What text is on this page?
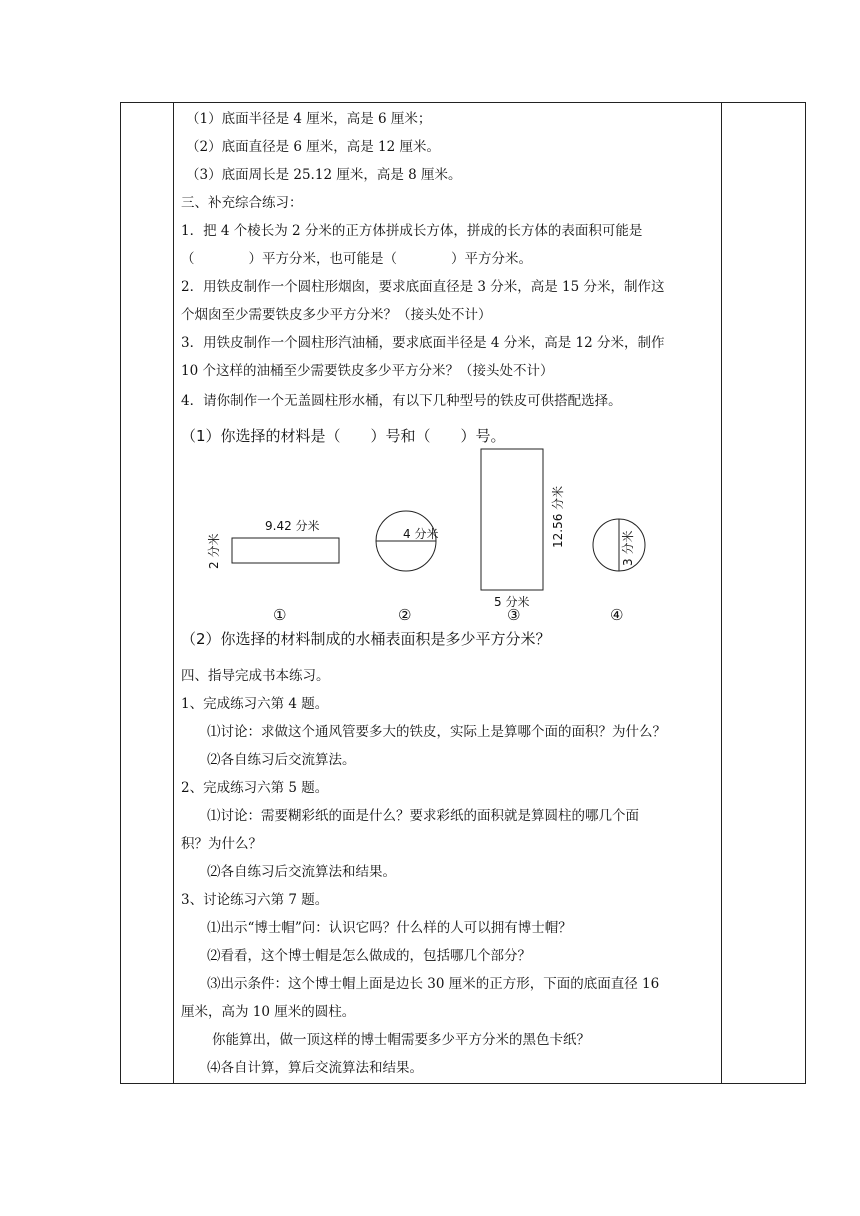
（1）底面半径是 4 厘米，高是 6 厘米；
（2）底面直径是 6 厘米，高是 12 厘米。
（3）底面周长是 25.12 厘米，高是 8 厘米。
三、补充综合练习：
1．把 4 个棱长为 2 分米的正方体拼成长方体，拼成的长方体的表面积可能是
（　　　　）平方分米，也可能是（　　　　）平方分米。
2．用铁皮制作一个圆柱形烟囱，要求底面直径是 3 分米，高是 15 分米，制作这
个烟囱至少需要铁皮多少平方分米？（接头处不计）
3．用铁皮制作一个圆柱形汽油桶，要求底面半径是 4 分米，高是 12 分米，制作
10 个这样的油桶至少需要铁皮多少平方分米？（接头处不计）
4．请你制作一个无盖圆柱形水桶，有以下几种型号的铁皮可供搭配选择。
（1）你选择的材料是（　　）号和（　　）号。
9.42 分米
2 分米	4 分米	12.56 分米
5 分米
3 分米
①	②	③	④
（2）你选择的材料制成的水桶表面积是多少平方分米？
四、指导完成书本练习。
1、完成练习六第 4 题。
⑴讨论：求做这个通风管要多大的铁皮，实际上是算哪个面的面积？为什么？
⑵各自练习后交流算法。
2、完成练习六第 5 题。
⑴讨论：需要糊彩纸的面是什么？要求彩纸的面积就是算圆柱的哪几个面
积？为什么？
⑵各自练习后交流算法和结果。
3、讨论练习六第 7 题。
⑴出示“博士帽”问：认识它吗？什么样的人可以拥有博士帽？
⑵看看，这个博士帽是怎么做成的，包括哪几个部分？
⑶出示条件：这个博士帽上面是边长 30 厘米的正方形，下面的底面直径 16
厘米，高为 10 厘米的圆柱。
你能算出，做一顶这样的博士帽需要多少平方分米的黑色卡纸？
⑷各自计算，算后交流算法和结果。
